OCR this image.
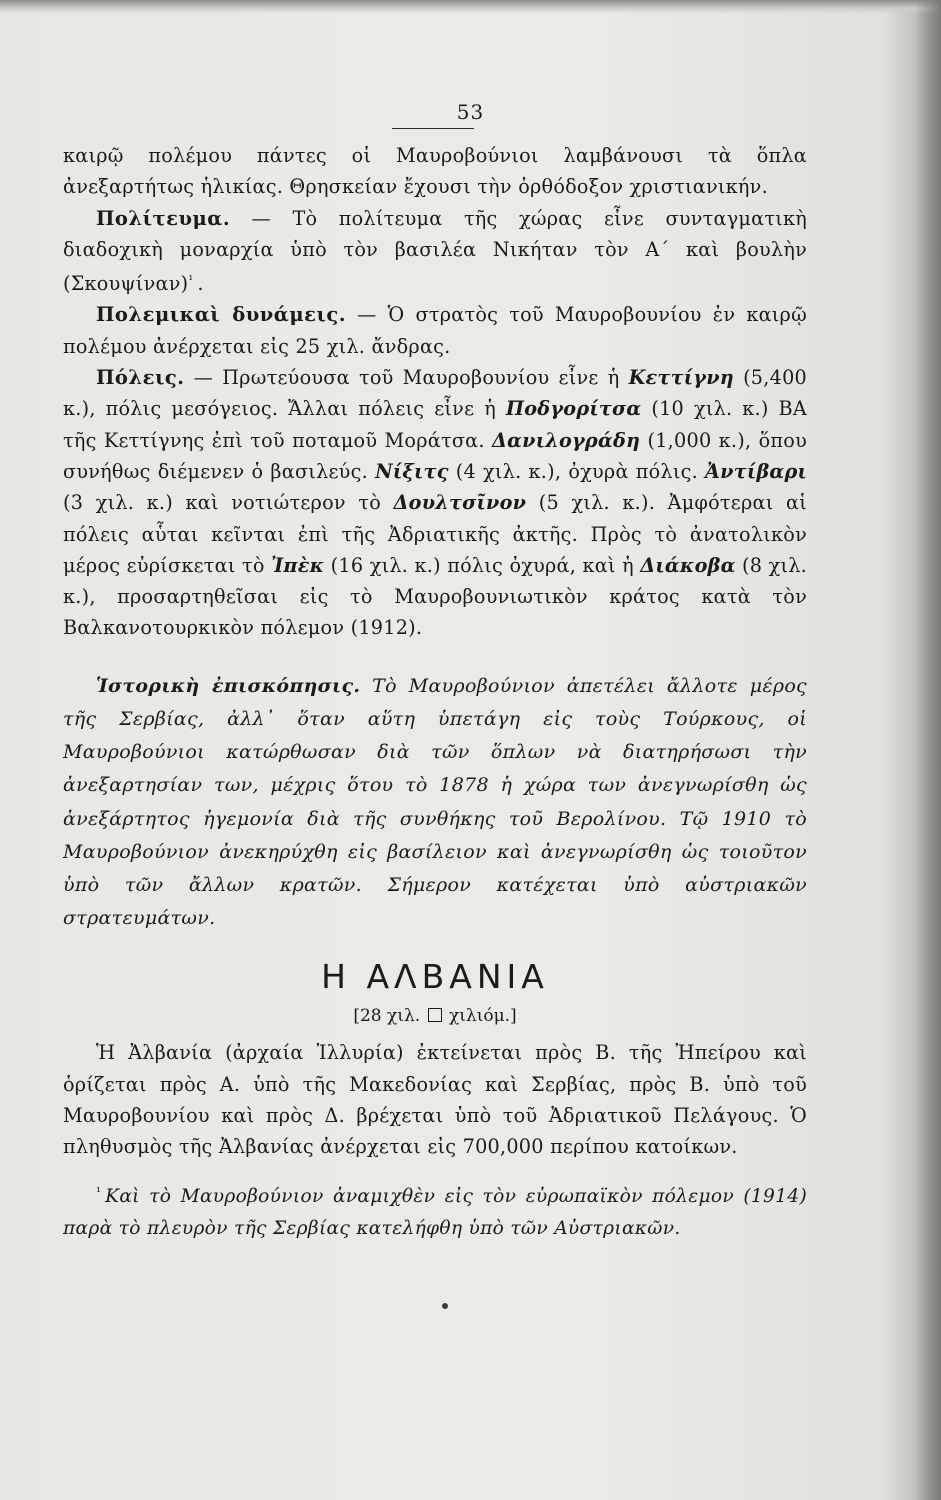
53

καιρῷ πολέμου πάντες οἱ Μαυροβούνιοι λαμβάνουσι τὰ ὅπλα ἀνεξαρτήτως ἡλικίας. Θρησκείαν ἔχουσι τὴν ὀρθόδοξον χριστιανικήν.

Πολίτευμα. — Τὸ πολίτευμα τῆς χώρας εἶνε συνταγματικὴ διαδοχικὴ μοναρχία ὑπὸ τὸν βασιλέα Νικήταν τὸν Α´ καὶ βουλὴν (Σκουψίναν)$^{^1}$ .

Πολεμικαὶ δυνάμεις. — Ὁ στρατὸς τοῦ Μαυροβουνίου ἐν καιρῷ πολέμου ἀνέρχεται εἰς 25 χιλ. ἄνδρας.

Πόλεις. — Πρωτεύουσα τοῦ Μαυροβουνίου εἶνε ἡ Κεττίγνη (5,400 κ.), πόλις μεσόγειος. Ἄλλαι πόλεις εἶνε ἡ Ποδγορίτσα (10 χιλ. κ.) ΒΑ τῆς Κεττίγνης ἐπὶ τοῦ ποταμοῦ Μοράτσα. Δανιλογράδη (1,000 κ.), ὅπου συνήθως διέμενεν ὁ βασιλεύς. Νίξιτς (4 χιλ. κ.), ὀχυρὰ πόλις. Ἀντίβαρι (3 χιλ. κ.) καὶ νοτιώτερον τὸ Δουλτσῖνον (5 χιλ. κ.). Ἀμφότεραι αἱ πόλεις αὗται κεῖνται ἐπὶ τῆς Ἀδριατικῆς ἀκτῆς. Πρὸς τὸ ἀνατολικὸν μέρος εὑρίσκεται τὸ Ἰπὲκ (16 χιλ. κ.) πόλις ὀχυρά, καὶ ἡ Διάκοβα (8 χιλ. κ.), προσαρτηθεῖσαι εἰς τὸ Μαυροβουνιωτικὸν κράτος κατὰ τὸν Βαλκανοτουρκικὸν πόλεμον (1912).

Ἱστορικὴ ἐπισκόπησις. Τὸ Μαυροβούνιον ἀπετέλει ἄλλοτε μέρος τῆς Σερβίας, ἀλλ᾽ ὅταν αὕτη ὑπετάγη εἰς τοὺς Τούρκους, οἱ Μαυροβούνιοι κατώρθωσαν διὰ τῶν ὅπλων νὰ διατηρήσωσι τὴν ἀνεξαρτησίαν των, μέχρις ὅτου τὸ 1878 ἡ χώρα των ἀνεγνωρίσθη ὡς ἀνεξάρτητος ἡγεμονία διὰ τῆς συνθήκης τοῦ Βερολίνου. Τῷ 1910 τὸ Μαυροβούνιον ἀνεκηρύχθη εἰς βασίλειον καὶ ἀνεγνωρίσθη ὡς τοιοῦτον ὑπὸ τῶν ἄλλων κρατῶν. Σήμερον κατέχεται ὑπὸ αὐστριακῶν στρατευμάτων.

Η ΑΛΒΑΝΙΑ
[28 χιλ. χιλιόμ.]

Ἡ Ἀλβανία (ἀρχαία Ἰλλυρία) ἐκτείνεται πρὸς Β. τῆς Ἠπείρου καὶ ὁρίζεται πρὸς Α. ὑπὸ τῆς Μακεδονίας καὶ Σερβίας, πρὸς Β. ὑπὸ τοῦ Μαυροβουνίου καὶ πρὸς Δ. βρέχεται ὑπὸ τοῦ Ἀδριατικοῦ Πελάγους. Ὁ πληθυσμὸς τῆς Ἀλβανίας ἀνέρχεται εἰς 700,000 περίπου κατοίκων.

$^{^1}$ Καὶ τὸ Μαυροβούνιον ἀναμιχθὲν εἰς τὸν εὐρωπαϊκὸν πόλεμον (1914) παρὰ τὸ πλευρὸν τῆς Σερβίας κατελήφθη ὑπὸ τῶν Αὐστριακῶν.
